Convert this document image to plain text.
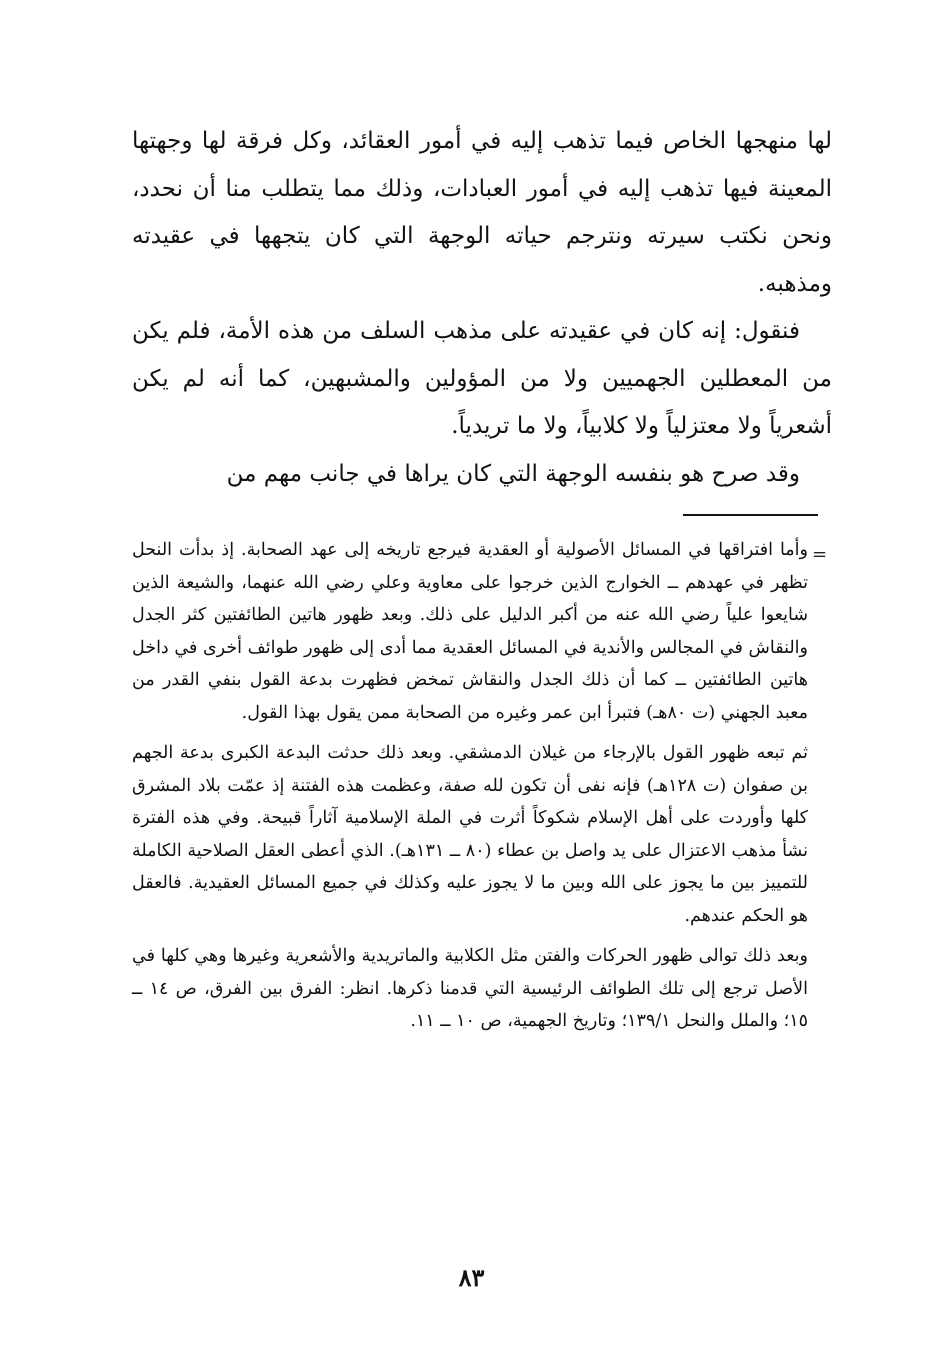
لها منهجها الخاص فيما تذهب إليه في أمور العقائد، وكل فرقة لها وجهتها المعينة فيها تذهب إليه في أمور العبادات، وذلك مما يتطلب منا أن نحدد، ونحن نكتب سيرته ونترجم حياته الوجهة التي كان يتجهها في عقيدته ومذهبه.

فنقول: إنه كان في عقيدته على مذهب السلف من هذه الأمة، فلم يكن من المعطلين الجهميين ولا من المؤولين والمشبهين، كما أنه لم يكن أشعرياً ولا معتزلياً ولا كلابياً، ولا ما تريدياً.

وقد صرح هو بنفسه الوجهة التي كان يراها في جانب مهم من

=

وأما افتراقها في المسائل الأصولية أو العقدية فيرجع تاريخه إلى عهد الصحابة. إذ بدأت النحل تظهر في عهدهم ــ الخوارج الذين خرجوا على معاوية وعلي رضي الله عنهما، والشيعة الذين شايعوا علياً رضي الله عنه من أكبر الدليل على ذلك. وبعد ظهور هاتين الطائفتين كثر الجدل والنقاش في المجالس والأندية في المسائل العقدية مما أدى إلى ظهور طوائف أخرى في داخل هاتين الطائفتين ــ كما أن ذلك الجدل والنقاش تمخض فظهرت بدعة القول بنفي القدر من معبد الجهني (ت ٨٠هـ) فتبرأ ابن عمر وغيره من الصحابة ممن يقول بهذا القول.

ثم تبعه ظهور القول بالإرجاء من غيلان الدمشقي. وبعد ذلك حدثت البدعة الكبرى بدعة الجهم بن صفوان (ت ١٢٨هـ) فإنه نفى أن تكون لله صفة، وعظمت هذه الفتنة إذ عمّت بلاد المشرق كلها وأوردت على أهل الإسلام شكوكاً أثرت في الملة الإسلامية آثاراً قبيحة. وفي هذه الفترة نشأ مذهب الاعتزال على يد واصل بن عطاء (٨٠ ــ ١٣١هـ). الذي أعطى العقل الصلاحية الكاملة للتمييز بين ما يجوز على الله وبين ما لا يجوز عليه وكذلك في جميع المسائل العقيدية. فالعقل هو الحكم عندهم.

وبعد ذلك توالى ظهور الحركات والفتن مثل الكلابية والماتريدية والأشعرية وغيرها وهي كلها في الأصل ترجع إلى تلك الطوائف الرئيسية التي قدمنا ذكرها. انظر: الفرق بين الفرق، ص ١٤ ــ ١٥؛ والملل والنحل ١٣٩/١؛ وتاريخ الجهمية، ص ١٠ ــ ١١.

٨٣
